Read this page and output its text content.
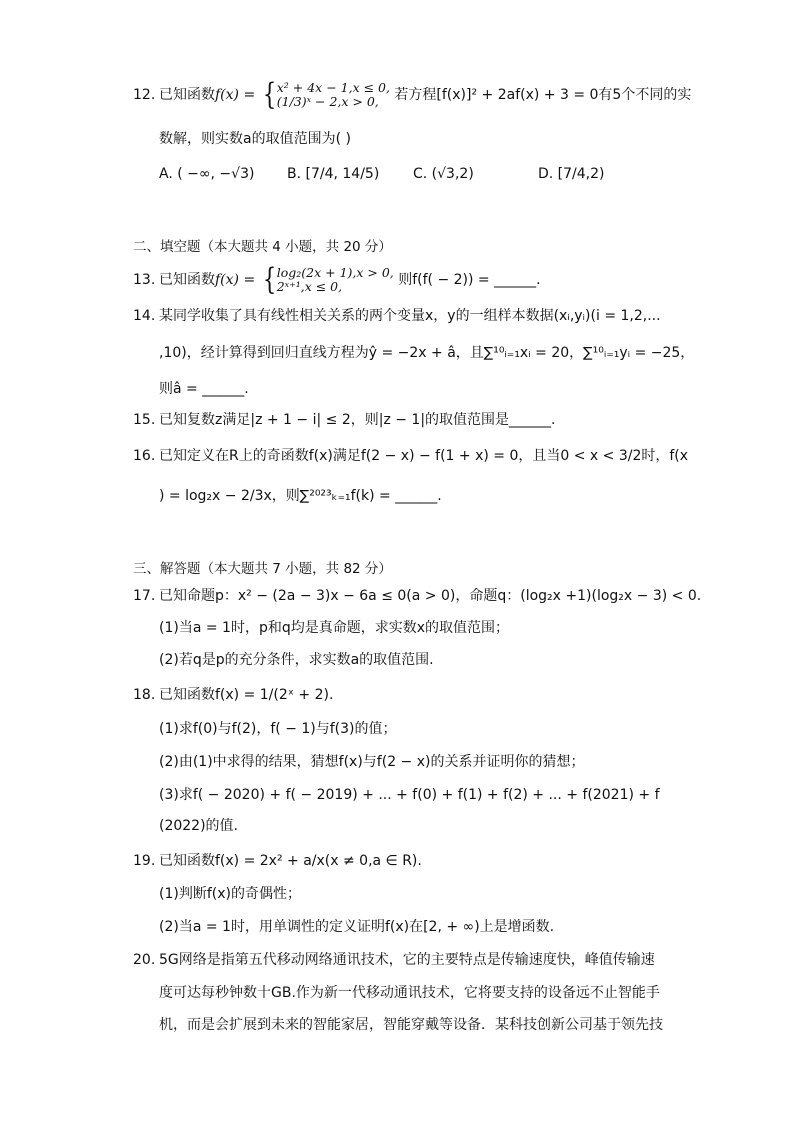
12. 已知函数f(x) = { x² + 4x − 1,x ≤ 0,
(1/3)ˣ − 2,x > 0,	若方程[f(x)]² + 2af(x) + 3 = 0有5个不同的实
数解，则实数a的取值范围为( )
A. ( −∞, −√3) B. [7/4, 14/5) C. (√3,2)	D. [7/4,2)
二、填空题（本大题共 4 小题，共 20 分）
13. 已知函数f(x) = { log₂(2x + 1),x > 0,
2ˣ⁺¹,x ≤ 0,	则f(f( − 2)) = ______.
14. 某同学收集了具有线性相关关系的两个变量x，y的一组样本数据(xᵢ,yᵢ)(i = 1,2,...
,10)，经计算得到回归直线方程为ŷ = −2x + â，且∑¹⁰ᵢ₌₁xᵢ = 20，∑¹⁰ᵢ₌₁yᵢ = −25，
则â = ______.
15. 已知复数z满足|z + 1 − i| ≤ 2，则|z − 1|的取值范围是______.
16. 已知定义在R上的奇函数f(x)满足f(2 − x) − f(1 + x) = 0，且当0 < x < 3/2时，f(x
) = log₂x − 2/3x，则∑²⁰²³ₖ₌₁f(k) = ______.
三、解答题（本大题共 7 小题，共 82 分）
17. 已知命题p：x² − (2a − 3)x − 6a ≤ 0(a > 0)，命题q：(log₂x +1)(log₂x − 3) < 0.
(1)当a = 1时，p和q均是真命题，求实数x的取值范围；
(2)若q是p的充分条件，求实数a的取值范围.
18. 已知函数f(x) = 1/(2ˣ + 2).
(1)求f(0)与f(2)，f( − 1)与f(3)的值；
(2)由(1)中求得的结果，猜想f(x)与f(2 − x)的关系并证明你的猜想；
(3)求f( − 2020) + f( − 2019) + ... + f(0) + f(1) + f(2) + ... + f(2021) + f
(2022)的值.
19. 已知函数f(x) = 2x² + a/x(x ≠ 0,a ∈ R).
(1)判断f(x)的奇偶性；
(2)当a = 1时，用单调性的定义证明f(x)在[2, + ∞)上是增函数.
20. 5G网络是指第五代移动网络通讯技术，它的主要特点是传输速度快，峰值传输速
度可达每秒钟数十GB.作为新一代移动通讯技术，它将要支持的设备远不止智能手
机，而是会扩展到未来的智能家居，智能穿戴等设备．某科技创新公司基于领先技
